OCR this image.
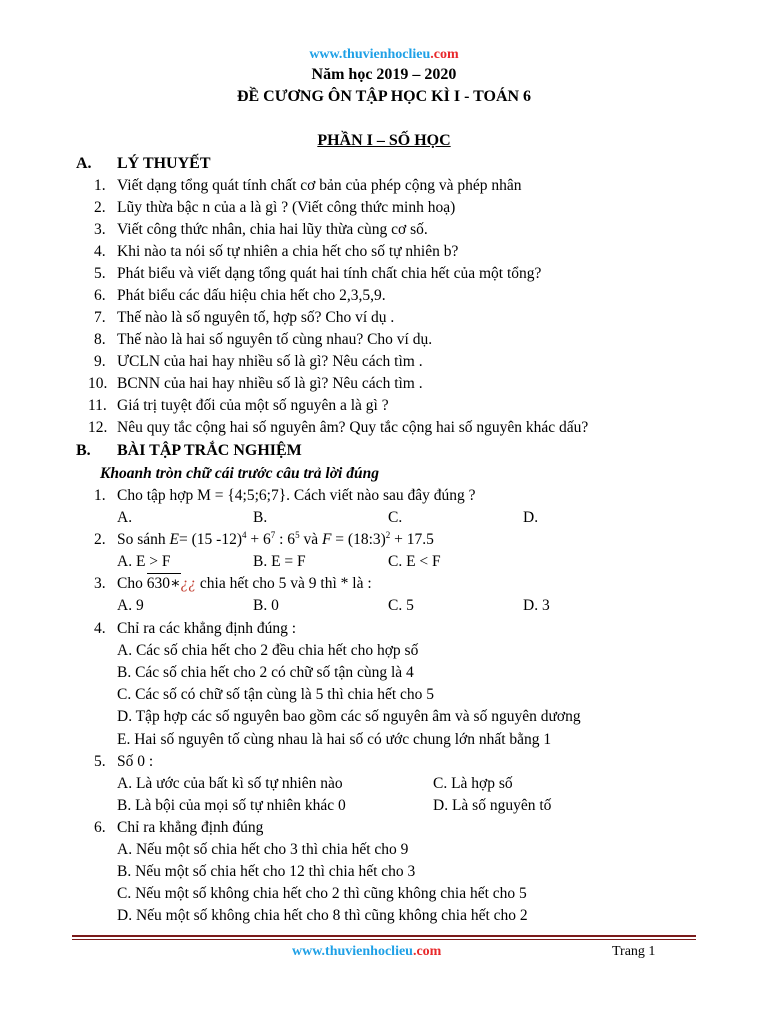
www.thuvienhoclieu.com
Năm học 2019 – 2020
ĐỀ CƯƠNG ÔN TẬP HỌC KÌ I - TOÁN 6
PHẦN I – SỐ HỌC
A. LÝ THUYẾT
1. Viết dạng tổng quát tính chất cơ bản của phép cộng và phép nhân
2. Lũy thừa bậc n của a là gì ? (Viết công thức minh hoạ)
3. Viết công thức nhân, chia hai lũy thừa cùng cơ số.
4. Khi nào ta nói số tự nhiên a chia hết cho số tự nhiên b?
5. Phát biểu và viết dạng tổng quát hai tính chất chia hết của một tổng?
6. Phát biểu các dấu hiệu chia hết cho 2,3,5,9.
7. Thế nào là số nguyên tố, hợp số? Cho ví dụ .
8. Thế nào là hai số nguyên tố cùng nhau? Cho ví dụ.
9. ƯCLN của hai hay nhiều số là gì? Nêu cách tìm .
10. BCNN của hai hay nhiều số là gì? Nêu cách tìm .
11. Giá trị tuyệt đối của một số nguyên a là gì ?
12. Nêu quy tắc cộng hai số nguyên âm? Quy tắc cộng hai số nguyên khác dấu?
B. BÀI TẬP TRẮC NGHIỆM
Khoanh tròn chữ cái trước câu trả lời đúng
1. Cho tập hợp M = {4;5;6;7}. Cách viết nào sau đây đúng ?
A.	B.	C.	D.
2. So sánh E= (15 $-12)^4 + 6^7$ : $6^5$ và F = (18:3)$^2$ + 17.5
A. E > F	B. E = F	C. E < F
3. Cho 630∗¿¿ chia hết cho 5 và 9 thì * là :
A. 9	B. 0	C. 5	D. 3
4. Chỉ ra các khẳng định đúng :
A. Các số chia hết cho 2 đều chia hết cho hợp số
B. Các số chia hết cho 2 có chữ số tận cùng là 4
C. Các số có chữ số tận cùng là 5 thì chia hết cho 5
D. Tập hợp các số nguyên bao gồm các số nguyên âm và số nguyên dương
E. Hai số nguyên tố cùng nhau là hai số có ước chung lớn nhất bằng 1
5. Số 0 :
A. Là ước của bất kì số tự nhiên nào	C. Là hợp số
B. Là bội của mọi số tự nhiên khác 0	D. Là số nguyên tố
6. Chỉ ra khẳng định đúng
A. Nếu một số chia hết cho 3 thì chia hết cho 9
B. Nếu một số chia hết cho 12 thì chia hết cho 3
C. Nếu một số không chia hết cho 2 thì cũng không chia hết cho 5
D. Nếu một số không chia hết cho 8 thì cũng không chia hết cho 2
www.thuvienhoclieu.com	Trang 1
